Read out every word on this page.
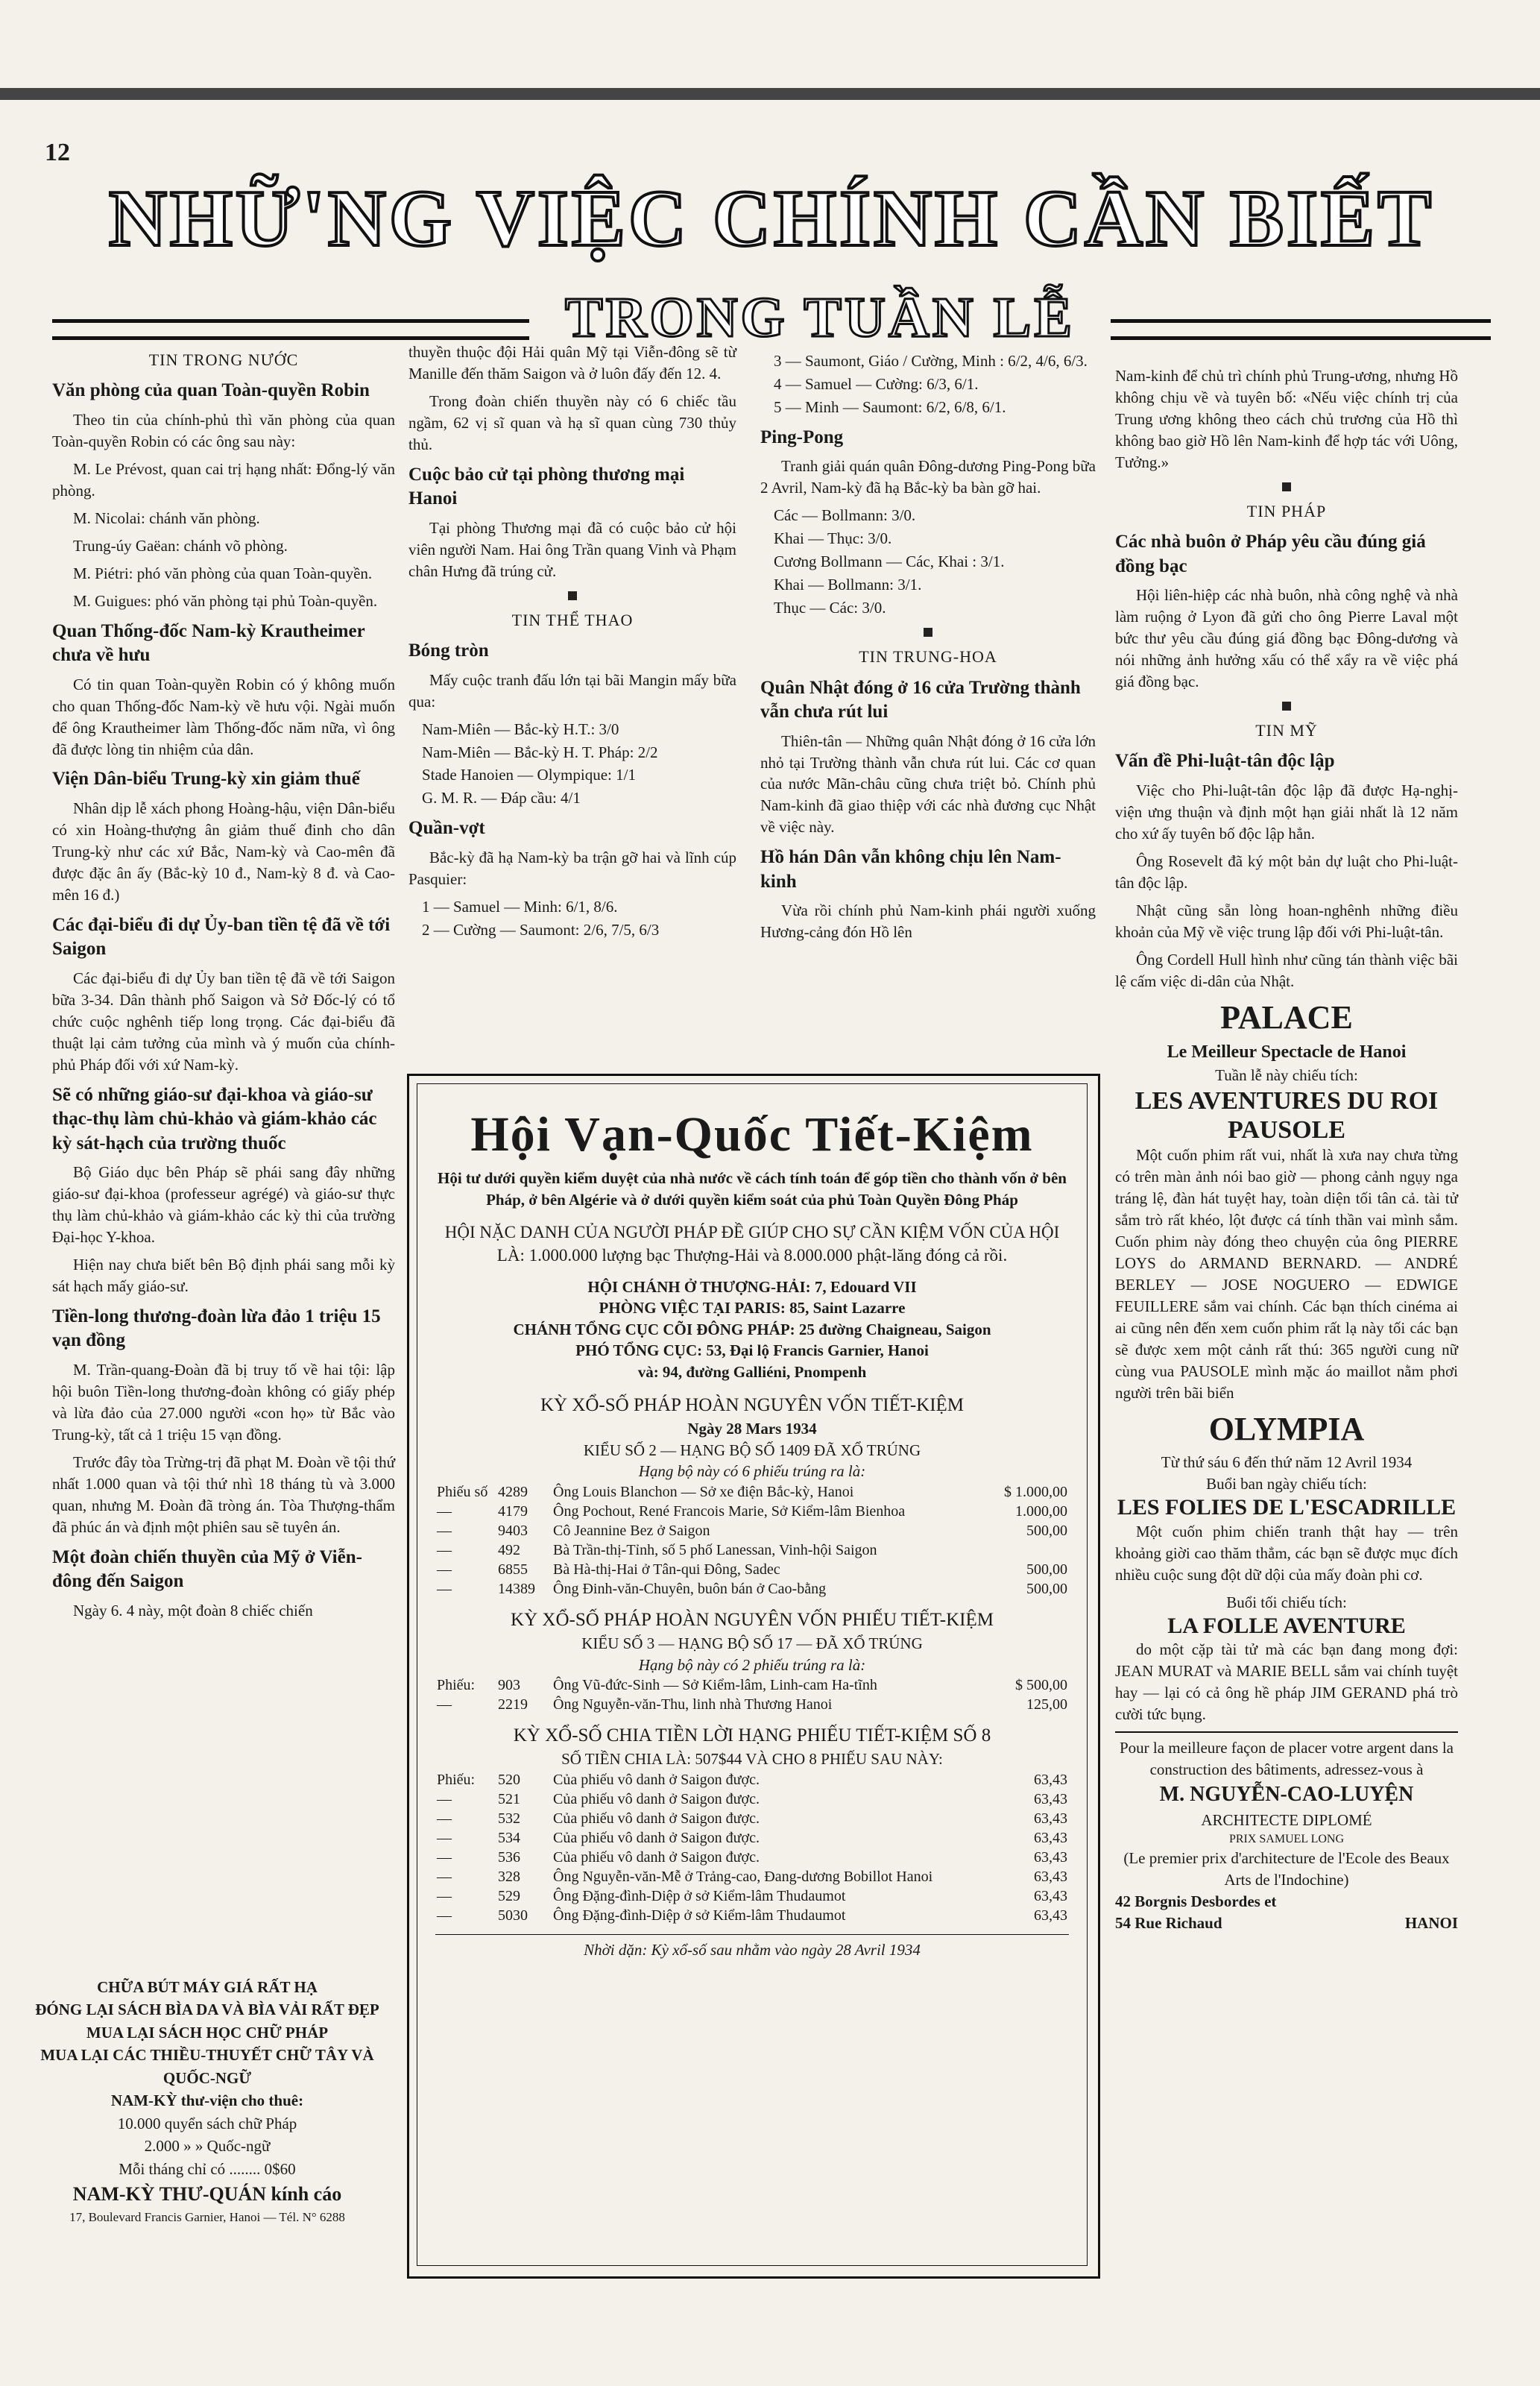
12
NHỮ'NG VIỆC CHÍNH CẦN BIẾT
TRONG TUẦN LỄ
TIN TRONG NƯỚC
Văn phòng của quan Toàn-quyền Robin

Theo tin của chính-phủ thì văn phòng của quan Toàn-quyền Robin có các ông sau này:

M. Le Prévost, quan cai trị hạng nhất: Đổng-lý văn phòng.

M. Nicolai: chánh văn phòng.

Trung-úy Gaëan: chánh võ phòng.

M. Piétri: phó văn phòng của quan Toàn-quyền.

M. Guigues: phó văn phòng tại phủ Toàn-quyền.

Quan Thống-đốc Nam-kỳ Krautheimer chưa về hưu

Có tin quan Toàn-quyền Robin có ý không muốn cho quan Thống-đốc Nam-kỳ về hưu vội. Ngài muốn để ông Krautheimer làm Thống-đốc năm nữa, vì ông đã được lòng tin nhiệm của dân.

Viện Dân-biểu Trung-kỳ xin giảm thuế

Nhân dịp lễ xách phong Hoàng-hậu, viện Dân-biểu có xin Hoàng-thượng ân giảm thuế đinh cho dân Trung-kỳ như các xứ Bắc, Nam-kỳ và Cao-mên đã được đặc ân ấy (Bắc-kỳ 10 đ., Nam-kỳ 8 đ. và Cao-mên 16 đ.)

Các đại-biểu đi dự Ủy-ban tiền tệ đã về tới Saigon

Các đại-biểu đi dự Ủy ban tiền tệ đã về tới Saigon bữa 3-34. Dân thành phố Saigon và Sở Đốc-lý có tổ chức cuộc nghênh tiếp long trọng. Các đại-biểu đã thuật lại cảm tưởng của mình và ý muốn của chính-phủ Pháp đối với xứ Nam-kỳ.

Sẽ có những giáo-sư đại-khoa và giáo-sư thạc-thụ làm chủ-khảo và giám-khảo các kỳ sát-hạch của trường thuốc

Bộ Giáo dục bên Pháp sẽ phái sang đây những giáo-sư đại-khoa (professeur agrégé) và giáo-sư thực thụ làm chủ-khảo và giám-khảo các kỳ thi của trường Đại-học Y-khoa.

Hiện nay chưa biết bên Bộ định phái sang mỗi kỳ sát hạch mấy giáo-sư.

Tiền-long thương-đoàn lừa đảo 1 triệu 15 vạn đồng

M. Trần-quang-Đoàn đã bị truy tố về hai tội: lập hội buôn Tiền-long thương-đoàn không có giấy phép và lừa đảo của 27.000 người «con họ» từ Bắc vào Trung-kỳ, tất cả 1 triệu 15 vạn đồng.

Trước đây tòa Trừng-trị đã phạt M. Đoàn về tội thứ nhất 1.000 quan và tội thứ nhì 18 tháng tù và 3.000 quan, nhưng M. Đoàn đã tròng án. Tòa Thượng-thẩm đã phúc án và định một phiên sau sẽ tuyên án.

Một đoàn chiến thuyền của Mỹ ở Viễn-đông đến Saigon

Ngày 6. 4 này, một đoàn 8 chiếc chiến

CHỮA BÚT MÁY GIÁ RẤT HẠ
ĐÓNG LẠI SÁCH BÌA DA VÀ BÌA VẢI RẤT ĐẸP
MUA LẠI SÁCH HỌC CHỮ PHÁP
MUA LẠI CÁC THIỀU-THUYẾT CHỮ TÂY VÀ QUỐC-NGỮ
NAM-KỲ thư-viện cho thuê:
10.000 quyển sách chữ Pháp
2.000 » » Quốc-ngữ
Mỗi tháng chỉ có ........ 0$60
NAM-KỲ THƯ-QUÁN kính cáo
17, Boulevard Francis Garnier, Hanoi — Tél. N° 6288

thuyền thuộc đội Hải quân Mỹ tại Viễn-đông sẽ từ Manille đến thăm Saigon và ở luôn đấy đến 12. 4.

Trong đoàn chiến thuyền này có 6 chiếc tầu ngầm, 62 vị sĩ quan và hạ sĩ quan cùng 730 thủy thủ.

Cuộc bảo cử tại phòng thương mại Hanoi

Tại phòng Thương mại đã có cuộc bảo cử hội viên người Nam. Hai ông Trần quang Vinh và Phạm chân Hưng đã trúng cử.

TIN THỂ THAO
Bóng tròn

Mấy cuộc tranh đấu lớn tại bãi Mangin mấy bữa qua:

Nam-Miên — Bắc-kỳ H.T.: 3/0
Nam-Miên — Bắc-kỳ H. T. Pháp: 2/2
Stade Hanoien — Olympique: 1/1
G. M. R. — Đáp cầu: 4/1
Quần-vợt

Bắc-kỳ đã hạ Nam-kỳ ba trận gỡ hai và lĩnh cúp Pasquier:

1 — Samuel — Minh: 6/1, 8/6.
2 — Cường — Saumont: 2/6, 7/5, 6/3
3 — Saumont, Giáo / Cường, Minh : 6/2, 4/6, 6/3.
4 — Samuel — Cường: 6/3, 6/1.
5 — Minh — Saumont: 6/2, 6/8, 6/1.
Ping-Pong

Tranh giải quán quân Đông-dương Ping-Pong bữa 2 Avril, Nam-kỳ đã hạ Bắc-kỳ ba bàn gỡ hai.

Các — Bollmann: 3/0.
Khai — Thục: 3/0.
Cương Bollmann — Các, Khai : 3/1.
Khai — Bollmann: 3/1.
Thục — Các: 3/0.
TIN TRUNG-HOA
Quân Nhật đóng ở 16 cửa Trường thành vẫn chưa rút lui

Thiên-tân — Những quân Nhật đóng ở 16 cửa lớn nhỏ tại Trường thành vẫn chưa rút lui. Các cơ quan của nước Mãn-châu cũng chưa triệt bỏ. Chính phủ Nam-kinh đã giao thiệp với các nhà đương cục Nhật về việc này.

Hồ hán Dân vẫn không chịu lên Nam-kinh

Vừa rồi chính phủ Nam-kinh phái người xuống Hương-cảng đón Hồ lên

Hội Vạn-Quốc Tiết-Kiệm
Hội tư dưới quyền kiểm duyệt của nhà nước về cách tính toán để góp tiền cho thành vốn ở bên Pháp, ở bên Algérie và ở dưới quyền kiểm soát của phủ Toàn Quyền Đông Pháp
HỘI NẶC DANH CỦA NGƯỜI PHÁP ĐỀ GIÚP CHO SỰ CẦN KIỆM VỐN CỦA HỘI LÀ: 1.000.000 lượng bạc Thượng-Hải và 8.000.000 phật-lăng đóng cả rồi.
HỘI CHÁNH Ở THƯỢNG-HẢI: 7, Edouard VII
PHÒNG VIỆC TẠI PARIS: 85, Saint Lazarre
CHÁNH TỔNG CỤC CÕI ĐÔNG PHÁP: 25 đường Chaigneau, Saigon
PHÓ TỔNG CỤC: 53, Đại lộ Francis Garnier, Hanoi
và: 94, đường Galliéni, Pnompenh
KỲ XỔ-SỐ PHÁP HOÀN NGUYÊN VỐN TIẾT-KIỆM
Ngày 28 Mars 1934
KIỂU SỐ 2 — HẠNG BỘ SỐ 1409 ĐÃ XỔ TRÚNG
Hạng bộ này có 6 phiếu trúng ra là:
Phiếu số	4289	Ông Louis Blanchon — Sở xe điện Bắc-kỳ, Hanoi	$ 1.000,00
—	4179	Ông Pochout, René Francois Marie, Sở Kiểm-lâm Bienhoa	1.000,00
—	9403	Cô Jeannine Bez ở Saigon	500,00
—	492	Bà Trần-thị-Tỉnh, số 5 phố Lanessan, Vinh-hội Saigon	
—	6855	Bà Hà-thị-Hai ở Tân-qui Đông, Sadec	500,00
—	14389	Ông Đinh-văn-Chuyên, buôn bán ở Cao-bằng	500,00
KỲ XỔ-SỐ PHÁP HOÀN NGUYÊN VỐN PHIẾU TIẾT-KIỆM
KIỂU SỐ 3 — HẠNG BỘ SỐ 17 — ĐÃ XỔ TRÚNG
Hạng bộ này có 2 phiếu trúng ra là:
Phiếu:	903	Ông Vũ-đức-Sinh — Sở Kiểm-lâm, Linh-cam Ha-tĩnh	$ 500,00
—	2219	Ông Nguyễn-văn-Thu, linh nhà Thương Hanoi	125,00
KỲ XỔ-SỐ CHIA TIỀN LỜI HẠNG PHIẾU TIẾT-KIỆM SỐ 8
SỐ TIỀN CHIA LÀ: 507$44 VÀ CHO 8 PHIẾU SAU NÀY:
Phiếu:	520	Của phiếu vô danh ở Saigon được.	63,43
—	521	Của phiếu vô danh ở Saigon được.	63,43
—	532	Của phiếu vô danh ở Saigon được.	63,43
—	534	Của phiếu vô danh ở Saigon được.	63,43
—	536	Của phiếu vô danh ở Saigon được.	63,43
—	328	Ông Nguyễn-văn-Mễ ở Trảng-cao, Đang-dương Bobillot Hanoi	63,43
—	529	Ông Đặng-đình-Diệp ở sở Kiểm-lâm Thudaumot	63,43
—	5030	Ông Đặng-đình-Diệp ở sở Kiểm-lâm Thudaumot	63,43
Nhời dặn: Kỳ xổ-số sau nhằm vào ngày 28 Avril 1934

Nam-kinh để chủ trì chính phủ Trung-ương, nhưng Hồ không chịu về và tuyên bố: «Nếu việc chính trị của Trung ương không theo cách chủ trương của Hồ thì không bao giờ Hồ lên Nam-kinh để hợp tác với Uông, Tưởng.»

TIN PHÁP
Các nhà buôn ở Pháp yêu cầu đúng giá đồng bạc

Hội liên-hiệp các nhà buôn, nhà công nghệ và nhà làm ruộng ở Lyon đã gửi cho ông Pierre Laval một bức thư yêu cầu đúng giá đồng bạc Đông-dương và nói những ảnh hưởng xấu có thể xẩy ra về việc phá giá đồng bạc.

TIN MỸ
Vấn đề Phi-luật-tân độc lập

Việc cho Phi-luật-tân độc lập đã được Hạ-nghị-viện ưng thuận và định một hạn giải nhất là 12 năm cho xứ ấy tuyên bố độc lập hẳn.

Ông Rosevelt đã ký một bản dự luật cho Phi-luật-tân độc lập.

Nhật cũng sẵn lòng hoan-nghênh những điều khoản của Mỹ về việc trung lập đối với Phi-luật-tân.

Ông Cordell Hull hình như cũng tán thành việc bãi lệ cấm việc di-dân của Nhật.

PALACE
Le Meilleur Spectacle de Hanoi
Tuần lễ này chiếu tích:
LES AVENTURES DU ROI PAUSOLE

Một cuốn phim rất vui, nhất là xưa nay chưa từng có trên màn ảnh nói bao giờ — phong cảnh ngụy nga tráng lệ, đàn hát tuyệt hay, toàn diện tối tân cả. tài tử sắm trò rất khéo, lột được cá tính thần vai mình sắm. Cuốn phim này đóng theo chuyện của ông PIERRE LOYS do ARMAND BERNARD. — ANDRÉ BERLEY — JOSE NOGUERO — EDWIGE FEUILLERE sắm vai chính. Các bạn thích cinéma ai ai cũng nên đến xem cuốn phim rất lạ này tối các bạn sẽ được xem một cảnh rất thú: 365 người cung nữ cùng vua PAUSOLE mình mặc áo maillot nằm phơi người trên bãi biển

OLYMPIA
Từ thứ sáu 6 đến thứ năm 12 Avril 1934
Buổi ban ngày chiếu tích:
LES FOLIES DE L'ESCADRILLE

Một cuốn phim chiến tranh thật hay — trên khoảng giời cao thăm thẳm, các bạn sẽ được mục đích nhiều cuộc sung đột dữ dội của mấy đoàn phi cơ.

Buổi tối chiếu tích:
LA FOLLE AVENTURE

do một cặp tài tử mà các bạn đang mong đợi: JEAN MURAT và MARIE BELL sắm vai chính tuyệt hay — lại có cả ông hề pháp JIM GERAND phá trò cười tức bụng.

Pour la meilleure façon de placer votre argent dans la construction des bâtiments, adressez-vous à
M. NGUYỄN-CAO-LUYỆN
ARCHITECTE DIPLOMÉ
PRIX SAMUEL LONG
(Le premier prix d'architecture de l'Ecole des Beaux Arts de l'Indochine)
42 Borgnis Desbordes et
54 Rue Richaud	HANOI
